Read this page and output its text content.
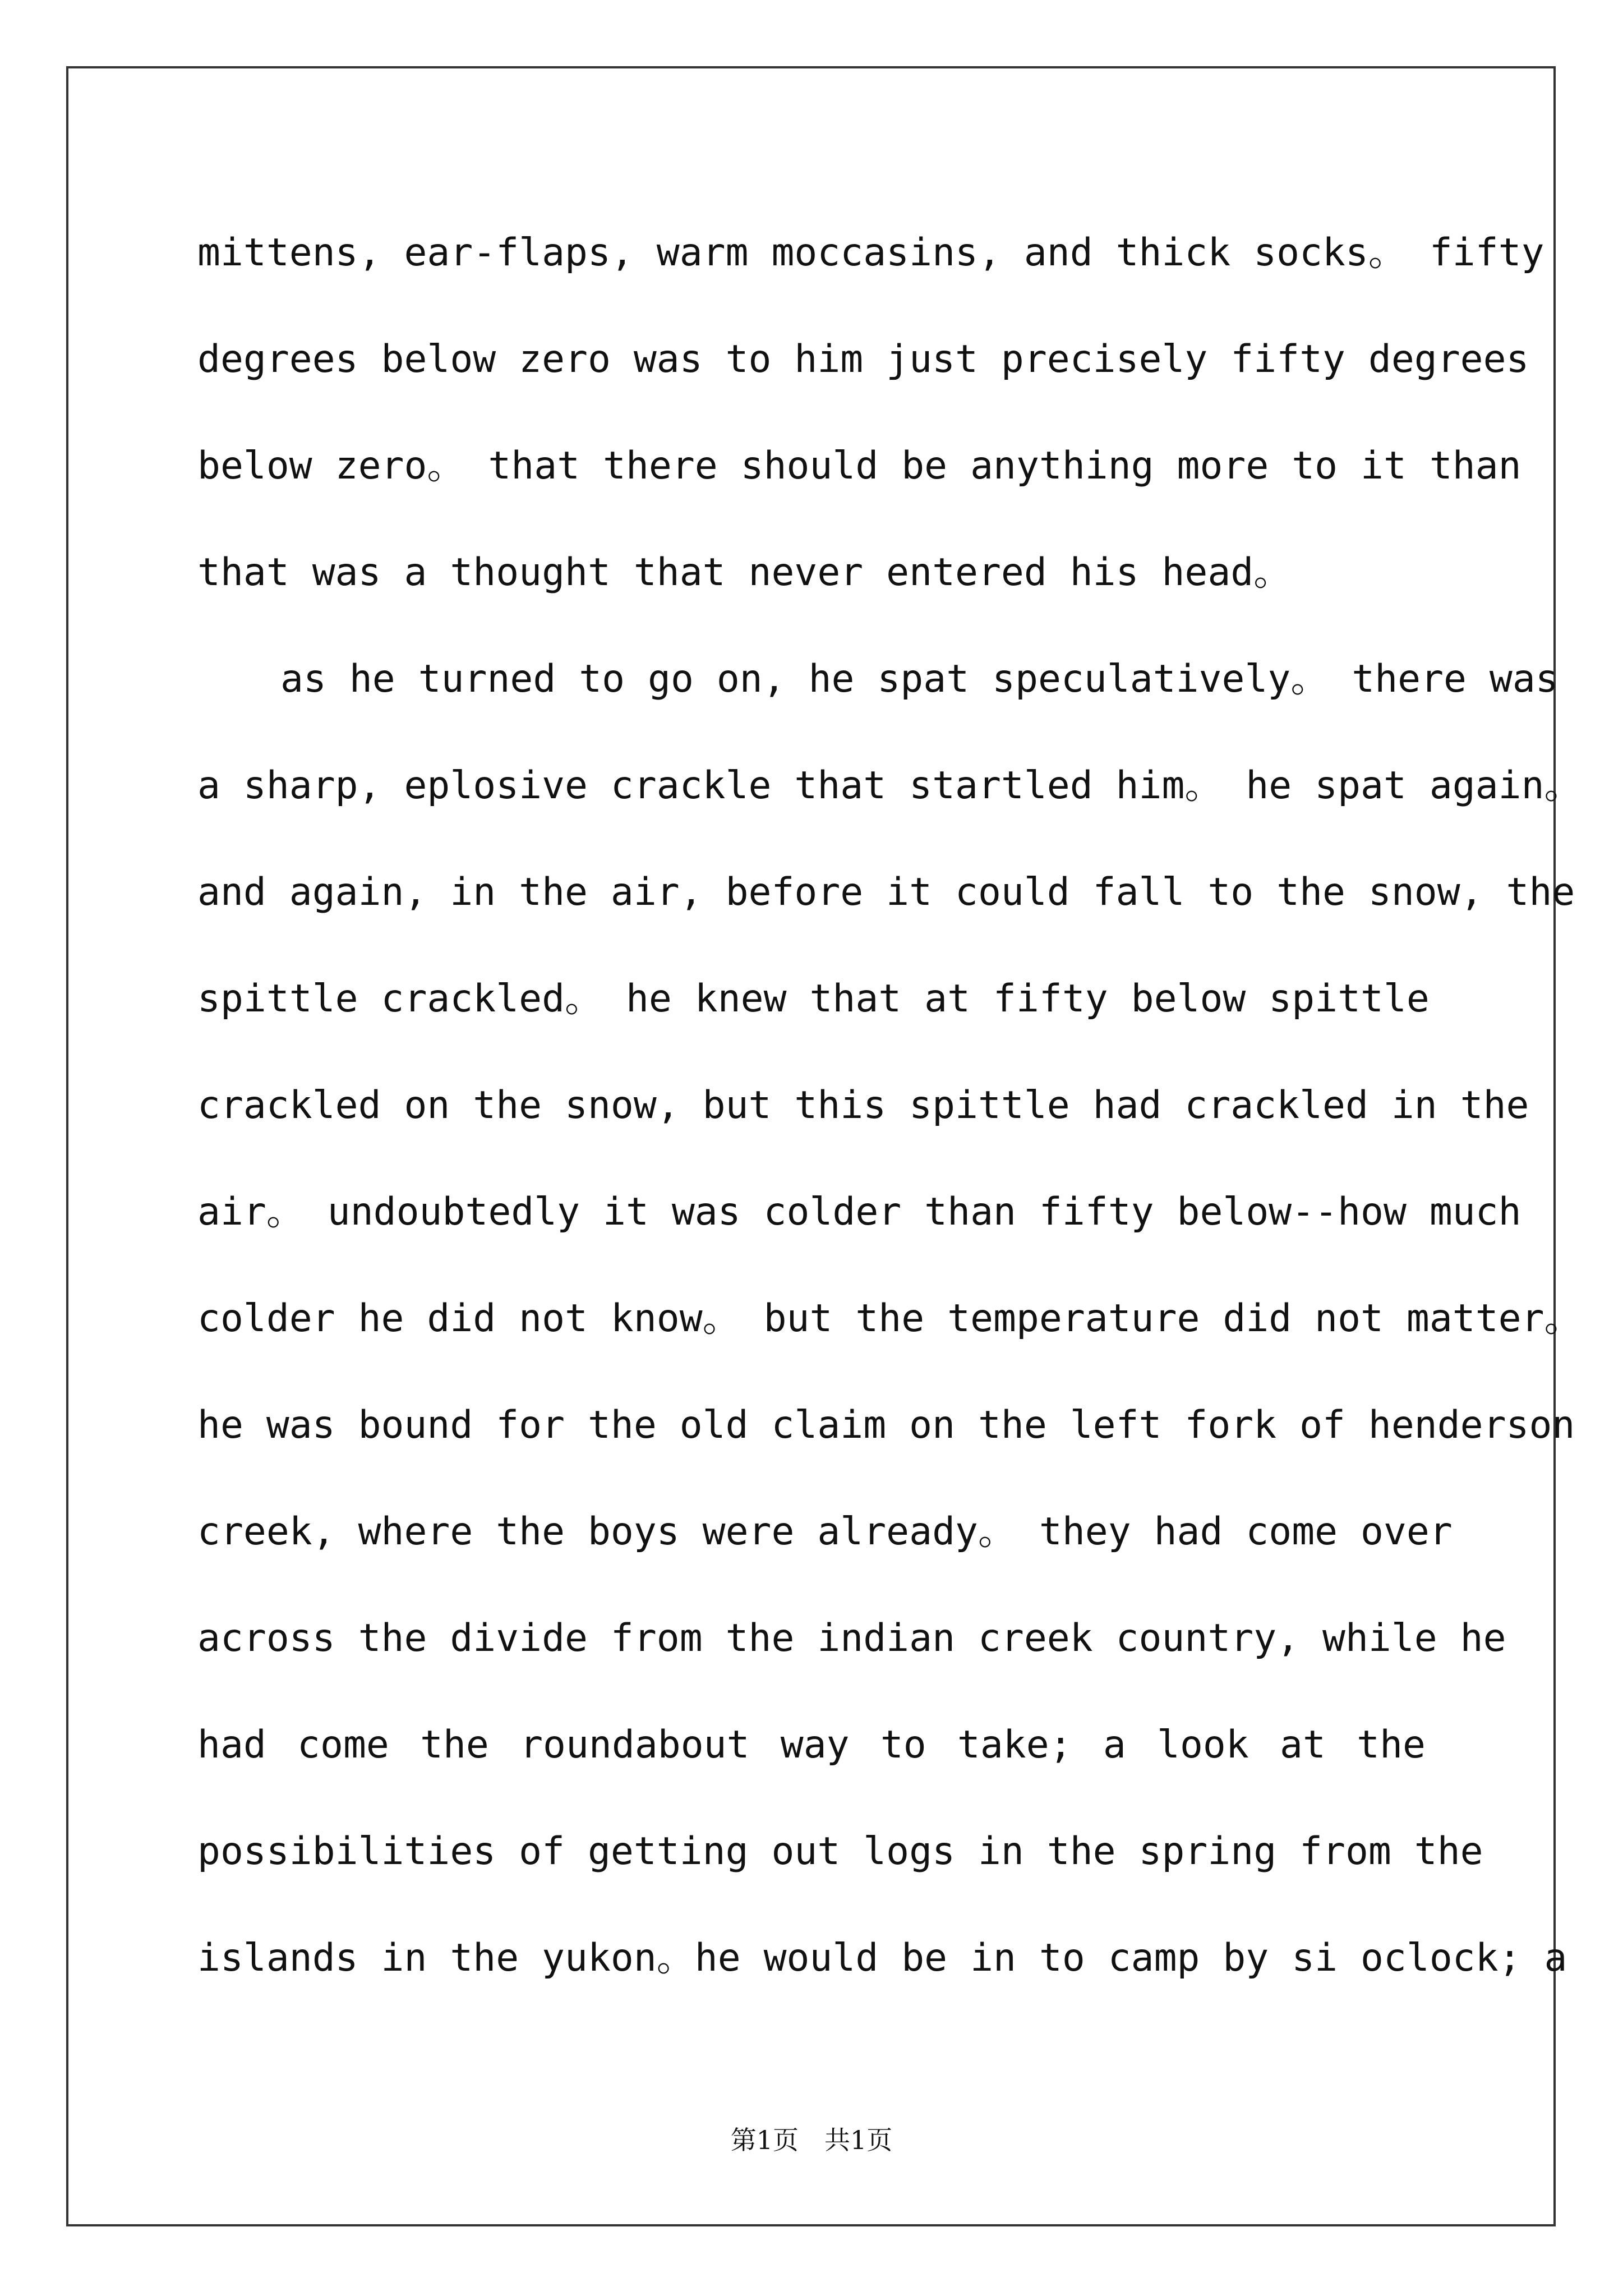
mittens, ear-flaps, warm moccasins, and thick socks。 fifty
degrees below zero was to him just precisely fifty degrees
below zero。 that there should be anything more to it than
that was a thought that never entered his head。
as he turned to go on, he spat speculatively。 there was
a sharp, eplosive crackle that startled him。 he spat again。
and again, in the air, before it could fall to the snow, the
spittle crackled。 he knew that at fifty below spittle
crackled on the snow, but this spittle had crackled in the
air。 undoubtedly it was colder than fifty below--how much
colder he did not know。 but the temperature did not matter。
he was bound for the old claim on the left fork of henderson
creek, where the boys were already。 they had come over
across the divide from the indian creek country, while he
had come the roundabout way to take; a look at the
possibilities of getting out logs in the spring from the
islands in the yukon。he would be in to camp by si oclock; a
第1页　共1页
